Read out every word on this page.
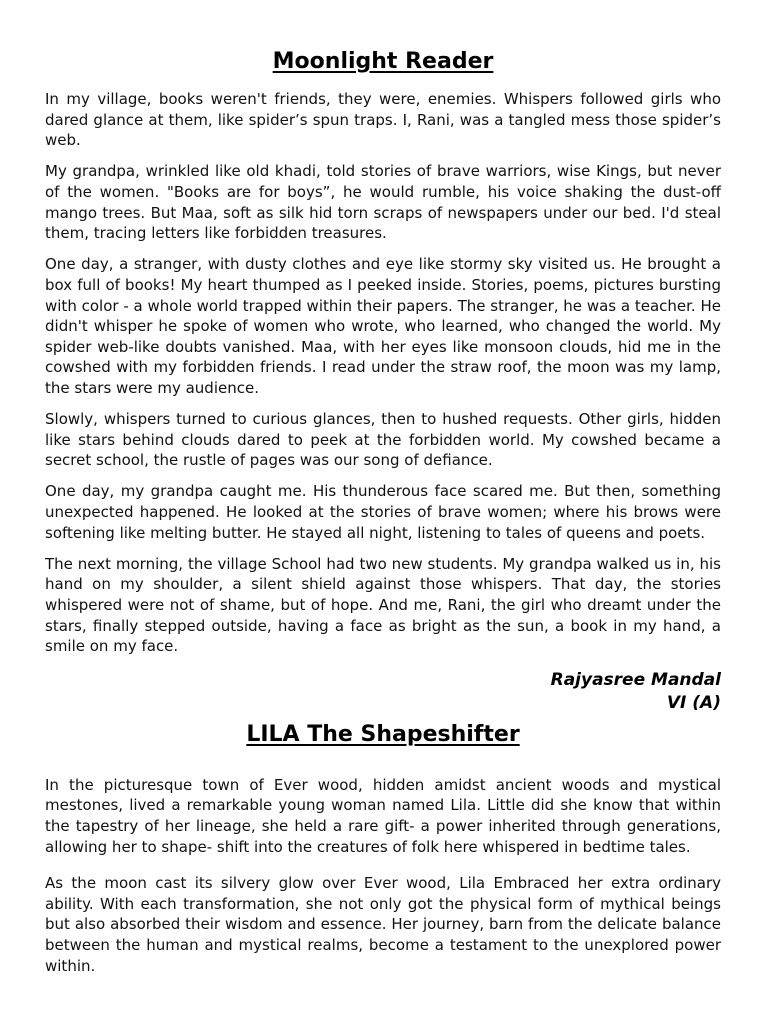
Moonlight Reader

In my village, books weren't friends, they were, enemies. Whispers followed girls who dared glance at them, like spider’s spun traps. I, Rani, was a tangled mess those spider’s web.

My grandpa, wrinkled like old khadi, told stories of brave warriors, wise Kings, but never of the women. "Books are for boys”, he would rumble, his voice shaking the dust-off mango trees. But Maa, soft as silk hid torn scraps of newspapers under our bed. I'd steal them, tracing letters like forbidden treasures.

One day, a stranger, with dusty clothes and eye like stormy sky visited us. He brought a box full of books! My heart thumped as I peeked inside. Stories, poems, pictures bursting with color - a whole world trapped within their papers. The stranger, he was a teacher. He didn't whisper he spoke of women who wrote, who learned, who changed the world. My spider web-like doubts vanished. Maa, with her eyes like monsoon clouds, hid me in the cowshed with my forbidden friends. I read under the straw roof, the moon was my lamp, the stars were my audience.

Slowly, whispers turned to curious glances, then to hushed requests. Other girls, hidden like stars behind clouds dared to peek at the forbidden world. My cowshed became a secret school, the rustle of pages was our song of defiance.

One day, my grandpa caught me. His thunderous face scared me. But then, something unexpected happened. He looked at the stories of brave women; where his brows were softening like melting butter. He stayed all night, listening to tales of queens and poets.

The next morning, the village School had two new students. My grandpa walked us in, his hand on my shoulder, a silent shield against those whispers. That day, the stories whispered were not of shame, but of hope. And me, Rani, the girl who dreamt under the stars, finally stepped outside, having a face as bright as the sun, a book in my hand, a smile on my face.

Rajyasree Mandal
VI (A)
LILA The Shapeshifter

In the picturesque town of Ever wood, hidden amidst ancient woods and mystical mestones, lived a remarkable young woman named Lila. Little did she know that within the tapestry of her lineage, she held a rare gift- a power inherited through generations, allowing her to shape- shift into the creatures of folk here whispered in bedtime tales.

As the moon cast its silvery glow over Ever wood, Lila Embraced her extra ordinary ability. With each transformation, she not only got the physical form of mythical beings but also absorbed their wisdom and essence. Her journey, barn from the delicate balance between the human and mystical realms, become a testament to the unexplored power within.
